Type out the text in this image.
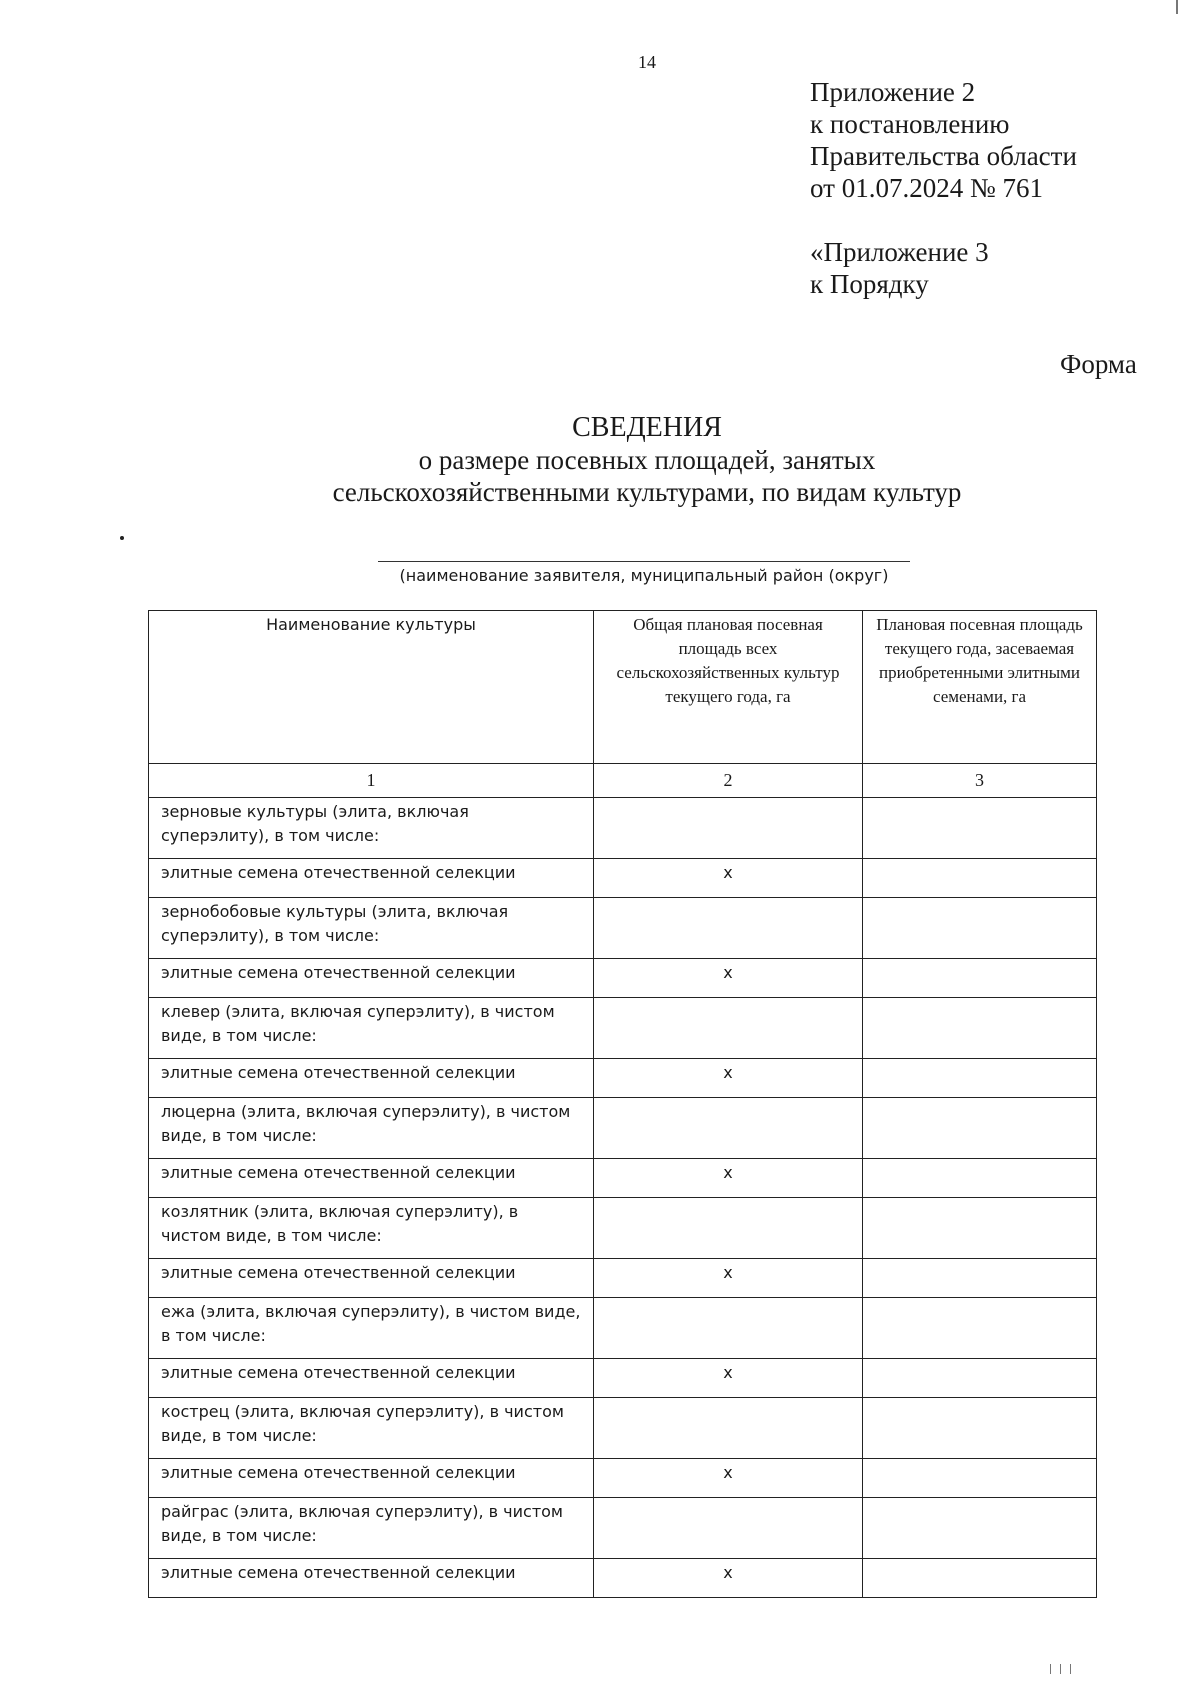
14
Приложение 2
к постановлению
Правительства области
от 01.07.2024 № 761
«Приложение 3
к Порядку
Форма
СВЕДЕНИЯ
о размере посевных площадей, занятых
сельскохозяйственными культурами, по видам культур
(наименование заявителя, муниципальный район (округ)
Наименование культуры	Общая плановая посевная площадь всех сельскохозяйственных культур текущего года, га	Плановая посевная площадь текущего года, засеваемая приобретенными элитными семенами, га
1	2	3
зерновые культуры (элита, включая суперэлиту), в том числе:		
элитные семена отечественной селекции	х	
зернобобовые культуры (элита, включая суперэлиту), в том числе:		
элитные семена отечественной селекции	х	
клевер (элита, включая суперэлиту), в чистом виде, в том числе:		
элитные семена отечественной селекции	х	
люцерна (элита, включая суперэлиту), в чистом виде, в том числе:		
элитные семена отечественной селекции	х	
козлятник (элита, включая суперэлиту), в чистом виде, в том числе:		
элитные семена отечественной селекции	х	
ежа (элита, включая суперэлиту), в чистом виде, в том числе:		
элитные семена отечественной селекции	х	
кострец (элита, включая суперэлиту), в чистом виде, в том числе:		
элитные семена отечественной селекции	х	
райграс (элита, включая суперэлиту), в чистом виде, в том числе:		
элитные семена отечественной селекции	х	
